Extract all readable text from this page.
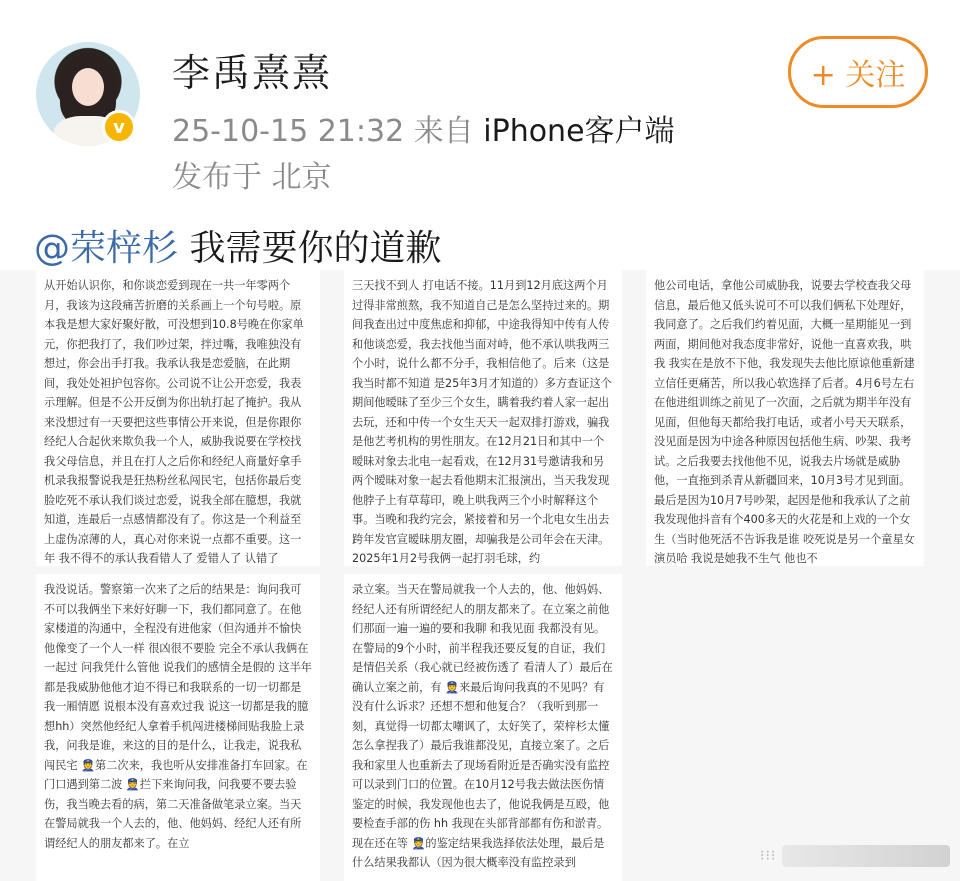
v
李禹熹熹
25-10-15 21:32 来自 iPhone客户端
发布于 北京
+ 关注
@荣梓杉 我需要你的道歉
从开始认识你，和你谈恋爱到现在一共一年零两个月，我该为这段痛苦折磨的关系画上一个句号啦。原本我是想大家好聚好散，可没想到10.8号晚在你家单元，你把我打了，我们吵过架，拌过嘴，我唯独没有想过，你会出手打我。我承认我是恋爱脑，在此期间，我处处袒护包容你。公司说不让公开恋爱，我表示理解。但是不公开反倒为你出轨打起了掩护。我从来没想过有一天要把这些事情公开来说，但是你跟你经纪人合起伙来欺负我一个人，威胁我说要在学校找我父母信息，并且在打人之后你和经纪人商量好拿手机录我报警说我是狂热粉丝私闯民宅，包括你最后变脸吃死不承认我们谈过恋爱，说我全部在臆想，我就知道，连最后一点感情都没有了。你这是一个利益至上虚伪凉薄的人，真心对你来说一点都不重要。这一年 我不得不的承认我看错人了 爱错人了 认错了
三天找不到人 打电话不接。11月到12月底这两个月过得非常煎熬，我不知道自己是怎么坚持过来的。期间我查出过中度焦虑和抑郁，中途我得知中传有人传和他谈恋爱，我去找他当面对峙，他不承认哄我两三个小时，说什么都不分手，我相信他了。后来（这是我当时都不知道 是25年3月才知道的）多方查证这个期间他暧昧了至少三个女生，瞒着我约着人家一起出去玩，还和中传一个女生天天一起双排打游戏，骗我是他艺考机构的男性朋友。在12月21日和其中一个暧昧对象去北电一起看戏，在12月31号邀请我和另两个暧昧对象一起去看他期末汇报演出，当天我发现他脖子上有草莓印，晚上哄我两三个小时解释这个事。当晚和我约完会，紧接着和另一个北电女生出去跨年发官宣暧昧朋友圈，却骗我是公司年会在天津。2025年1月2号我俩一起打羽毛球，约
他公司电话，拿他公司威胁我，说要去学校查我父母信息，最后他又低头说可不可以我们俩私下处理好，我同意了。之后我们约着见面，大概一星期能见一到两面，期间他对我态度非常好，说他一直喜欢我，哄我 我实在是放不下他，我发现失去他比原谅他重新建立信任更痛苦，所以我心软选择了后者。4月6号左右在他进组训练之前见了一次面，之后就为期半年没有见面，但他每天都给我打电话，或者小号天天联系，没见面是因为中途各种原因包括他生病、吵架、我考试。之后我要去找他他不见，说我去片场就是威胁他，一直拖到杀青从新疆回来，10月3号才见到面。最后是因为10月7号吵架，起因是他和我承认了之前我发现他抖音有个400多天的火花是和上戏的一个女生（当时他死活不告诉我是谁 咬死说是另一个童星女演员哈 我说是她我不生气 他也不
我没说话。警察第一次来了之后的结果是：询问我可不可以我俩坐下来好好聊一下，我们都同意了。在他家楼道的沟通中，全程没有进他家（但沟通并不愉快 他像变了一个人一样 很凶很不要脸 完全不承认我俩在一起过 问我凭什么管他 说我们的感情全是假的 这半年都是我威胁他他才迫不得已和我联系的一切一切都是我一厢情愿 说根本没有喜欢过我 说这一切都是我的臆想hh）突然他经纪人拿着手机闯进楼梯间贴我脸上录我，问我是谁，来这的目的是什么，让我走，说我私闯民宅 👮第二次来，我也听从安排准备打车回家。在门口遇到第二波 👮拦下来询问我，问我要不要去验伤，我当晚去看的病，第二天准备做笔录立案。当天在警局就我一个人去的，他、他妈妈、经纪人还有所谓经纪人的朋友都来了。在立
录立案。当天在警局就我一个人去的，他、他妈妈、经纪人还有所谓经纪人的朋友都来了。在立案之前他们那面一遍一遍的要和我聊 和我见面 我都没有见。在警局的9个小时，前半程我还要反复的自证，我们是情侣关系（我心就已经被伤透了 看清人了）最后在确认立案之前，有 👮来最后询问我真的不见吗？有没有什么诉求？还想不想和他复合？（我听到那一刻，真觉得一切都太嘲讽了，太好笑了，荣梓杉太懂怎么拿捏我了）最后我谁都没见，直接立案了。之后我和家里人也重新去了现场看附近是否确实没有监控可以录到门口的位置。在10月12号我去做法医伤情鉴定的时候，我发现他也去了，他说我俩是互殴，他要检查手部的伤 hh 我现在头部背部都有伤和淤青。现在还在等 👮的鉴定结果我选择依法处理，最后是什么结果我都认（因为很大概率没有监控录到	⁝⁝⁝
